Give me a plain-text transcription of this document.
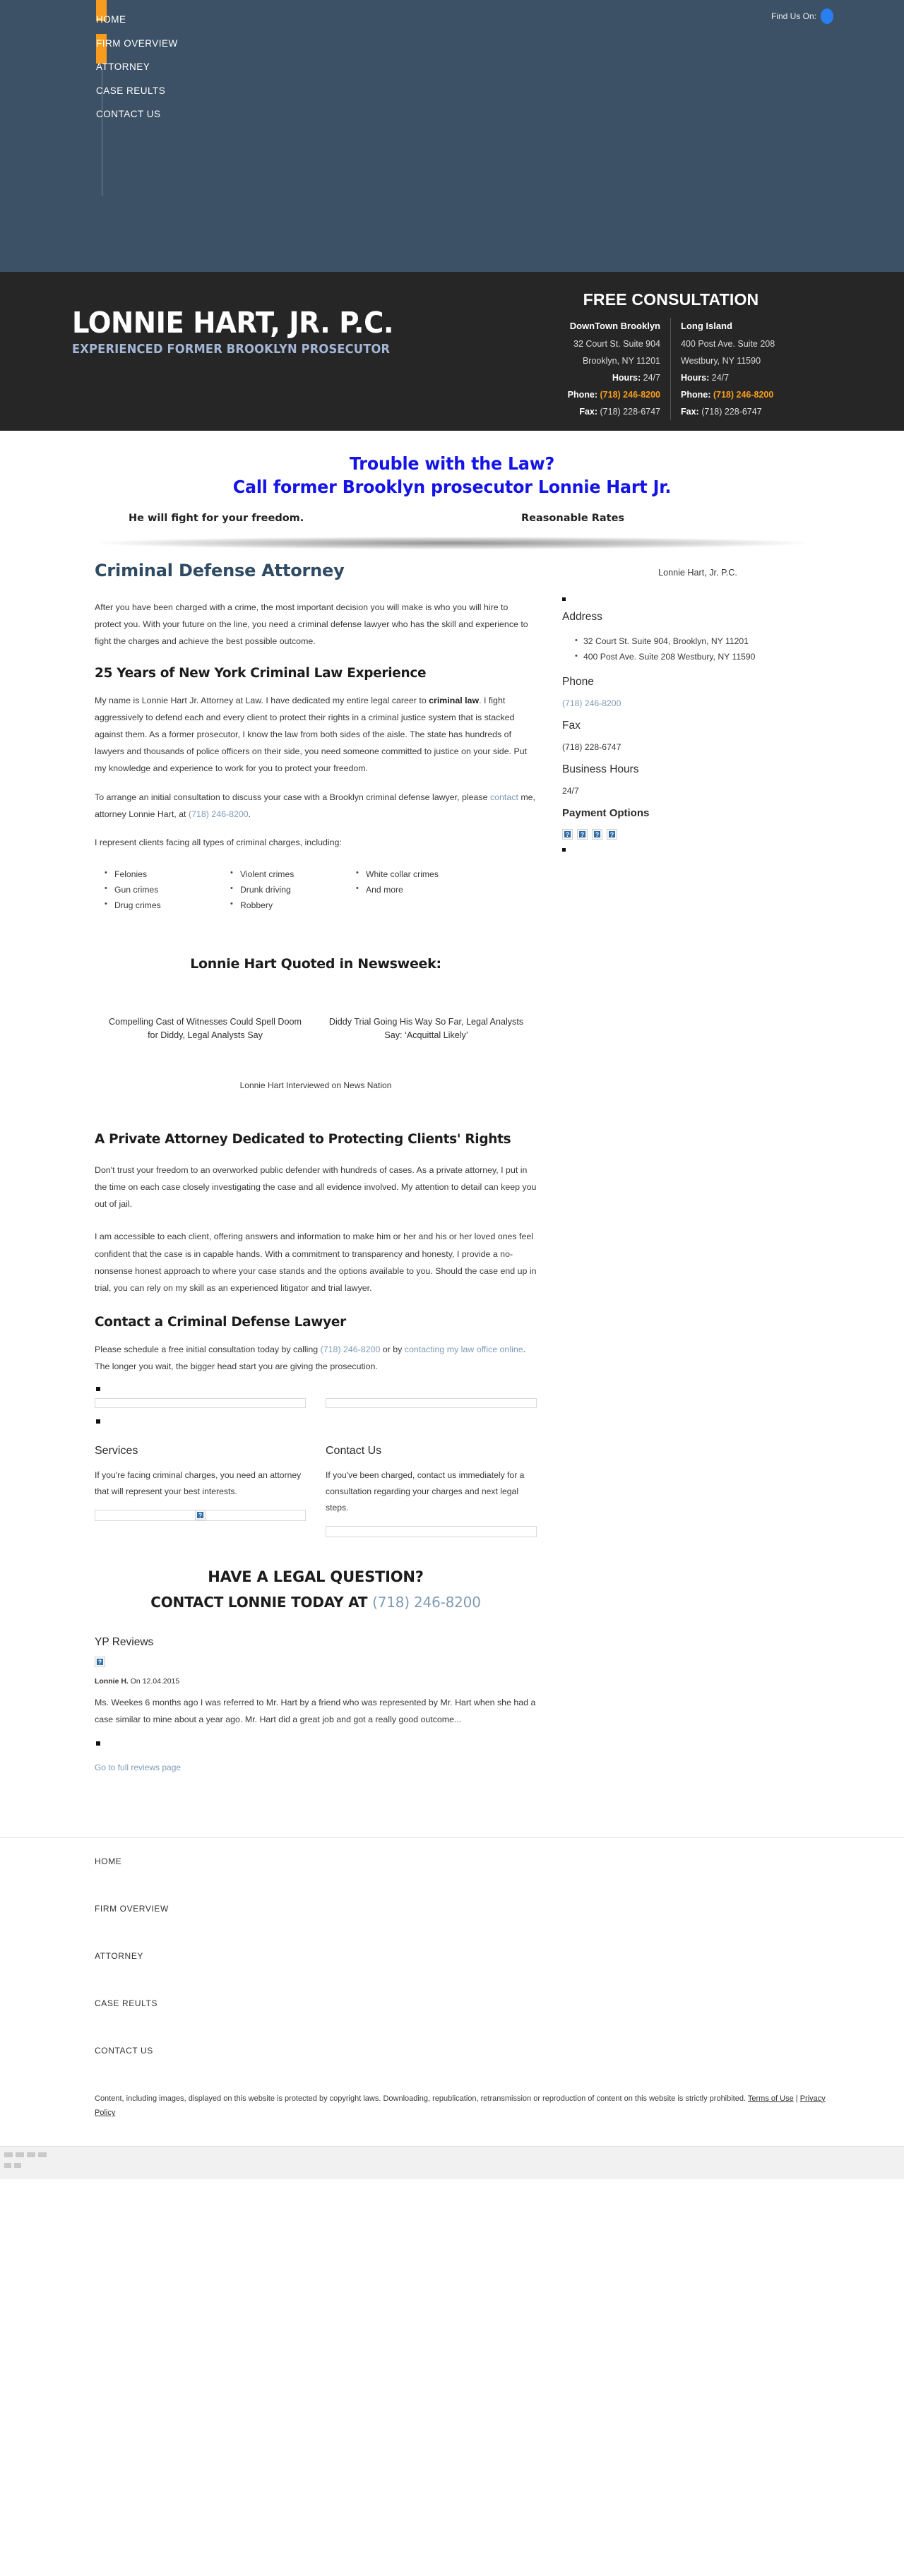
Find Us On:
HOME
FIRM OVERVIEW
ATTORNEY
CASE REULTS
CONTACT US
LONNIE HART, JR. P.C.
EXPERIENCED FORMER BROOKLYN PROSECUTOR
FREE CONSULTATION
DownTown Brooklyn
32 Court St. Suite 904
Brooklyn, NY 11201
Hours: 24/7
Phone: (718) 246-8200
Fax: (718) 228-6747
Long Island
400 Post Ave. Suite 208
Westbury, NY 11590
Hours: 24/7
Phone: (718) 246-8200
Fax: (718) 228-6747
Trouble with the Law?
Call former Brooklyn prosecutor Lonnie Hart Jr.
He will fight for your freedom.	Reasonable Rates
Criminal Defense Attorney

After you have been charged with a crime, the most important decision you will make is who you will hire to protect you. With your future on the line, you need a criminal defense lawyer who has the skill and experience to fight the charges and achieve the best possible outcome.

25 Years of New York Criminal Law Experience

My name is Lonnie Hart Jr. Attorney at Law. I have dedicated my entire legal career to criminal law. I fight aggressively to defend each and every client to protect their rights in a criminal justice system that is stacked against them. As a former prosecutor, I know the law from both sides of the aisle. The state has hundreds of lawyers and thousands of police officers on their side, you need someone committed to justice on your side. Put my knowledge and experience to work for you to protect your freedom.

To arrange an initial consultation to discuss your case with a Brooklyn criminal defense lawyer, please contact me, attorney Lonnie Hart, at (718) 246-8200.

I represent clients facing all types of criminal charges, including:

• Felonies
• Gun crimes
• Drug crimes
• Violent crimes
• Drunk driving
• Robbery
• White collar crimes
• And more
Lonnie Hart Quoted in Newsweek:
Compelling Cast of Witnesses Could Spell Doom for Diddy, Legal Analysts Say
Diddy Trial Going His Way So Far, Legal Analysts Say: ‘Acquittal Likely’
Lonnie Hart Interviewed on News Nation
A Private Attorney Dedicated to Protecting Clients' Rights

Don't trust your freedom to an overworked public defender with hundreds of cases. As a private attorney, I put in the time on each case closely investigating the case and all evidence involved. My attention to detail can keep you out of jail.

I am accessible to each client, offering answers and information to make him or her and his or her loved ones feel confident that the case is in capable hands. With a commitment to transparency and honesty, I provide a no-nonsense honest approach to where your case stands and the options available to you. Should the case end up in trial, you can rely on my skill as an experienced litigator and trial lawyer.

Contact a Criminal Defense Lawyer

Please schedule a free initial consultation today by calling (718) 246-8200 or by contacting my law office online. The longer you wait, the bigger head start you are giving the prosecution.

Services

If you're facing criminal charges, you need an attorney that will represent your best interests.

?
Contact Us

If you've been charged, contact us immediately for a consultation regarding your charges and next legal steps.

HAVE A LEGAL QUESTION?
CONTACT LONNIE TODAY AT (718) 246-8200
YP Reviews
?
Lonnie H. On 12.04.2015

Ms. Weekes 6 months ago I was referred to Mr. Hart by a friend who was represented by Mr. Hart when she had a case similar to mine about a year ago. Mr. Hart did a great job and got a really good outcome...

Go to full reviews page
Lonnie Hart, Jr. P.C.
Address
• 32 Court St. Suite 904, Brooklyn, NY 11201
• 400 Post Ave. Suite 208 Westbury, NY 11590
Phone
(718) 246-8200
Fax
(718) 228-6747
Business Hours
24/7
Payment Options
? ? ? ?
HOME
FIRM OVERVIEW
ATTORNEY
CASE REULTS
CONTACT US
Content, including images, displayed on this website is protected by copyright laws. Downloading, republication, retransmission or reproduction of content on this website is strictly prohibited. Terms of Use | Privacy Policy
